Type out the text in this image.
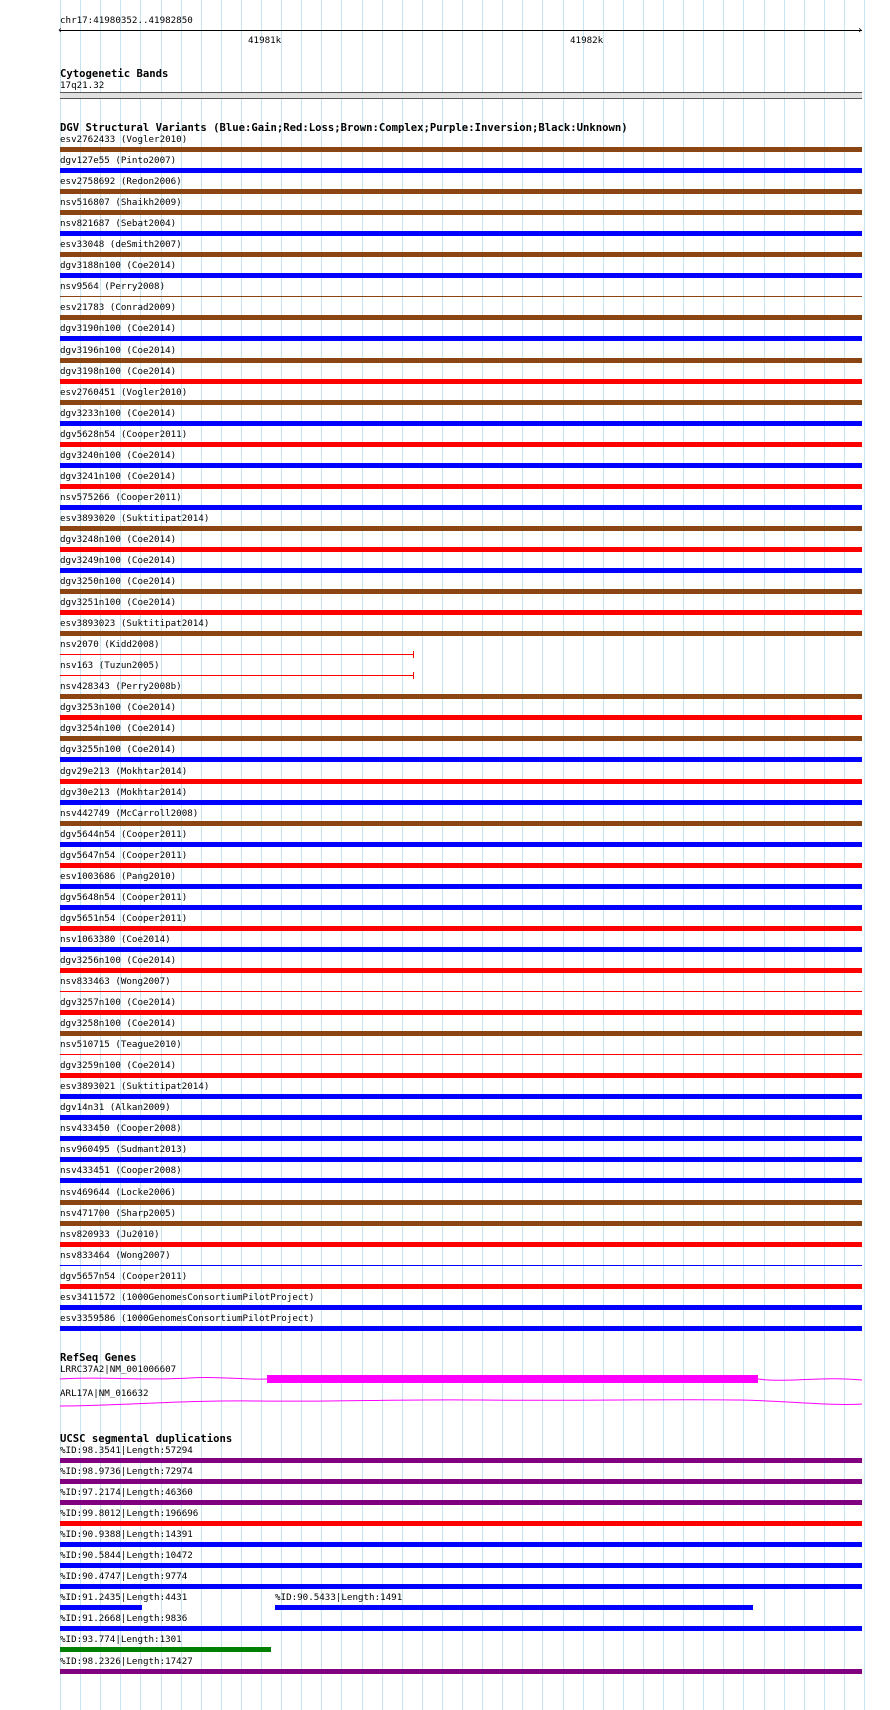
chr17:41980352..41982850
‹	›
41981k	41982k
Cytogenetic Bands
17q21.32
DGV Structural Variants (Blue:Gain;Red:Loss;Brown:Complex;Purple:Inversion;Black:Unknown)
esv2762433 (Vogler2010)
dgv127e55 (Pinto2007)
esv2758692 (Redon2006)
nsv516807 (Shaikh2009)
nsv821687 (Sebat2004)
esv33048 (deSmith2007)
dgv3188n100 (Coe2014)
nsv9564 (Perry2008)
esv21783 (Conrad2009)
dgv3190n100 (Coe2014)
dgv3196n100 (Coe2014)
dgv3198n100 (Coe2014)
esv2760451 (Vogler2010)
dgv3233n100 (Coe2014)
dgv5628n54 (Cooper2011)
dgv3240n100 (Coe2014)
dgv3241n100 (Coe2014)
nsv575266 (Cooper2011)
esv3893020 (Suktitipat2014)
dgv3248n100 (Coe2014)
dgv3249n100 (Coe2014)
dgv3250n100 (Coe2014)
dgv3251n100 (Coe2014)
esv3893023 (Suktitipat2014)
nsv2070 (Kidd2008)
nsv163 (Tuzun2005)
nsv428343 (Perry2008b)
dgv3253n100 (Coe2014)
dgv3254n100 (Coe2014)
dgv3255n100 (Coe2014)
dgv29e213 (Mokhtar2014)
dgv30e213 (Mokhtar2014)
nsv442749 (McCarroll2008)
dgv5644n54 (Cooper2011)
dgv5647n54 (Cooper2011)
esv1003686 (Pang2010)
dgv5648n54 (Cooper2011)
dgv5651n54 (Cooper2011)
nsv1063380 (Coe2014)
dgv3256n100 (Coe2014)
nsv833463 (Wong2007)
dgv3257n100 (Coe2014)
dgv3258n100 (Coe2014)
nsv510715 (Teague2010)
dgv3259n100 (Coe2014)
esv3893021 (Suktitipat2014)
dgv14n31 (Alkan2009)
nsv433450 (Cooper2008)
nsv960495 (Sudmant2013)
nsv433451 (Cooper2008)
nsv469644 (Locke2006)
nsv471700 (Sharp2005)
nsv820933 (Ju2010)
nsv833464 (Wong2007)
dgv5657n54 (Cooper2011)
esv3411572 (1000GenomesConsortiumPilotProject)
esv3359586 (1000GenomesConsortiumPilotProject)
RefSeq Genes
LRRC37A2|NM_001006607
ARL17A|NM_016632
UCSC segmental duplications
%ID:98.3541|Length:57294
%ID:98.9736|Length:72974
%ID:97.2174|Length:46360
%ID:99.8012|Length:196696
%ID:90.9388|Length:14391
%ID:90.5844|Length:10472
%ID:90.4747|Length:9774
%ID:91.2435|Length:4431	%ID:90.5433|Length:1491
%ID:91.2668|Length:9836
%ID:93.774|Length:1301
%ID:98.2326|Length:17427
